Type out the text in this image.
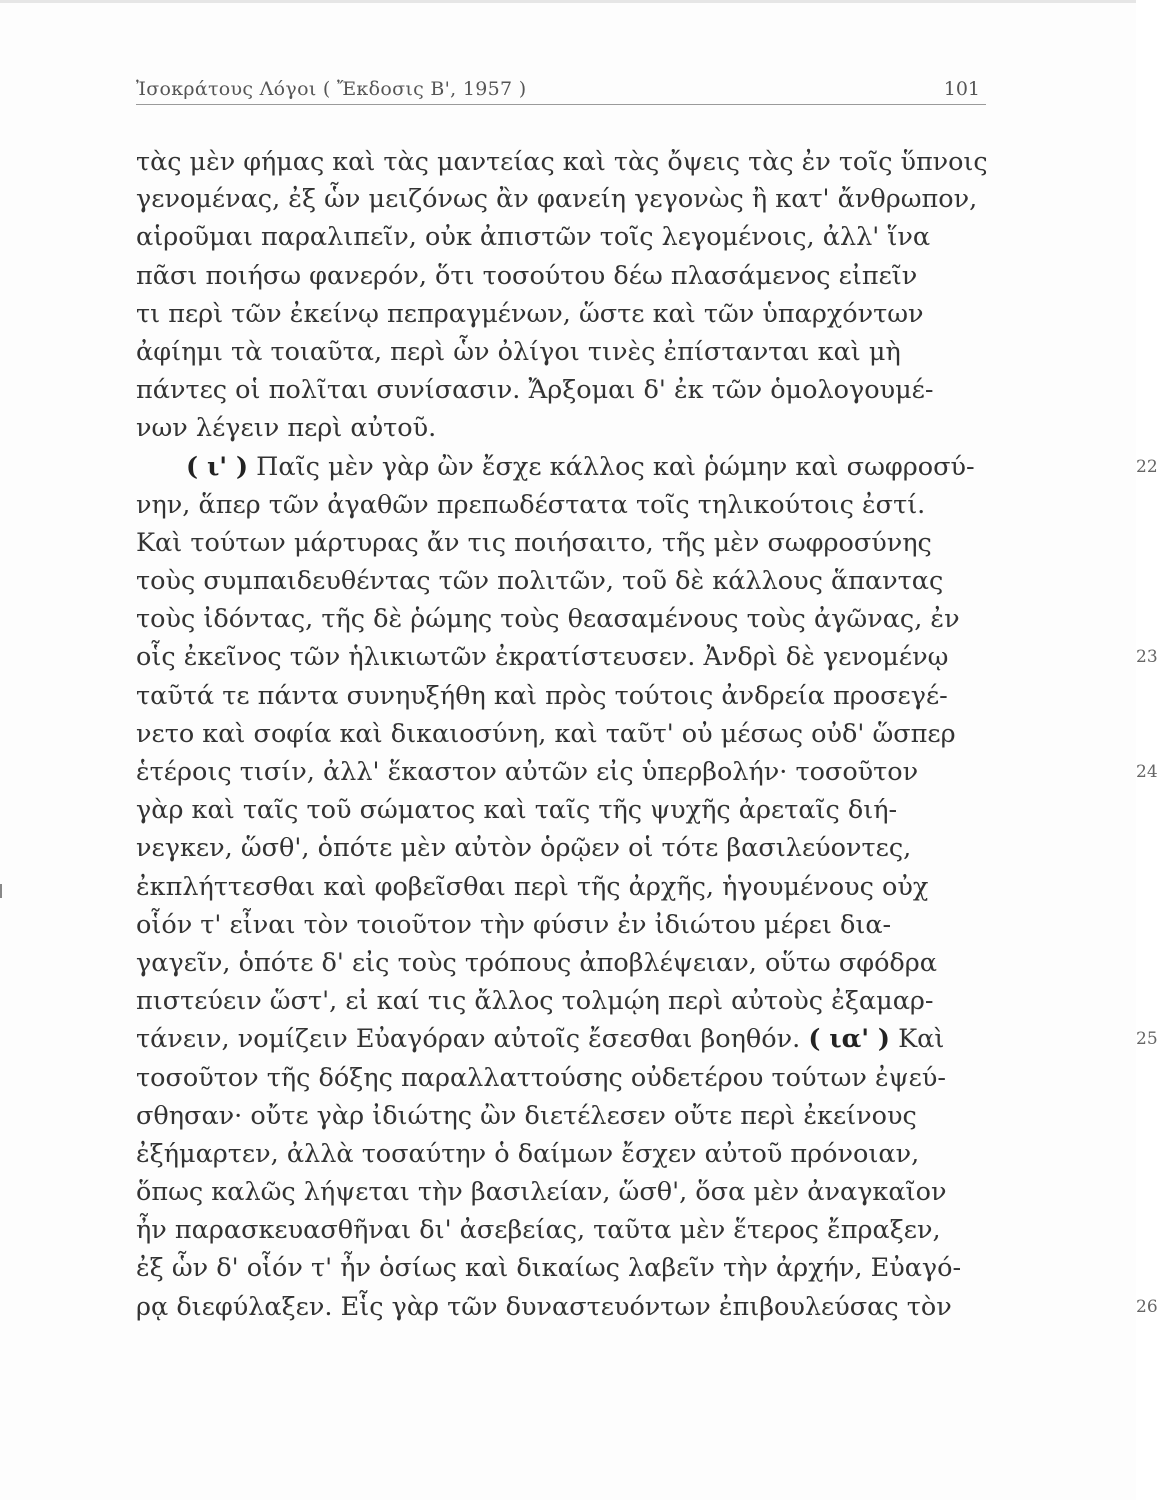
Ἰσοκράτους Λόγοι ( Ἔκδοσις Β', 1957 )	101
τὰς μὲν φήμας καὶ τὰς μαντείας καὶ τὰς ὄψεις τὰς ἐν τοῖς ὕπνοις
γενομένας, ἐξ ὧν μειζόνως ἂν φανείη γεγονὼς ἢ κατ' ἄνθρωπον,
αἱροῦμαι παραλιπεῖν, οὐκ ἀπιστῶν τοῖς λεγομένοις, ἀλλ' ἵνα
πᾶσι ποιήσω φανερόν, ὅτι τοσούτου δέω πλασάμενος εἰπεῖν
τι περὶ τῶν ἐκείνῳ πεπραγμένων, ὥστε καὶ τῶν ὑπαρχόντων
ἀφίημι τὰ τοιαῦτα, περὶ ὧν ὀλίγοι τινὲς ἐπίστανται καὶ μὴ
πάντες οἱ πολῖται συνίσασιν. Ἄρξομαι δ' ἐκ τῶν ὁμολογουμέ-
νων λέγειν περὶ αὐτοῦ.
( ι' ) Παῖς μὲν γὰρ ὢν ἔσχε κάλλος καὶ ῥώμην καὶ σωφροσύ-	22
νην, ἅπερ τῶν ἀγαθῶν πρεπωδέστατα τοῖς τηλικούτοις ἐστί.
Καὶ τούτων μάρτυρας ἄν τις ποιήσαιτο, τῆς μὲν σωφροσύνης
τοὺς συμπαιδευθέντας τῶν πολιτῶν, τοῦ δὲ κάλλους ἅπαντας
τοὺς ἰδόντας, τῆς δὲ ῥώμης τοὺς θεασαμένους τοὺς ἀγῶνας, ἐν
οἷς ἐκεῖνος τῶν ἡλικιωτῶν ἐκρατίστευσεν. Ἀνδρὶ δὲ γενομένῳ	23
ταῦτά τε πάντα συνηυξήθη καὶ πρὸς τούτοις ἀνδρεία προσεγέ-
νετο καὶ σοφία καὶ δικαιοσύνη, καὶ ταῦτ' οὐ μέσως οὐδ' ὥσπερ
ἑτέροις τισίν, ἀλλ' ἕκαστον αὐτῶν εἰς ὑπερβολήν· τοσοῦτον	24
γὰρ καὶ ταῖς τοῦ σώματος καὶ ταῖς τῆς ψυχῆς ἀρεταῖς διή-
νεγκεν, ὥσθ', ὁπότε μὲν αὐτὸν ὁρῷεν οἱ τότε βασιλεύοντες,
ἐκπλήττεσθαι καὶ φοβεῖσθαι περὶ τῆς ἀρχῆς, ἡγουμένους οὐχ
οἷόν τ' εἶναι τὸν τοιοῦτον τὴν φύσιν ἐν ἰδιώτου μέρει δια-
γαγεῖν, ὁπότε δ' εἰς τοὺς τρόπους ἀποβλέψειαν, οὕτω σφόδρα
πιστεύειν ὥστ', εἰ καί τις ἄλλος τολμῴη περὶ αὐτοὺς ἐξαμαρ-
τάνειν, νομίζειν Εὐαγόραν αὐτοῖς ἔσεσθαι βοηθόν. ( ια' ) Καὶ	25
τοσοῦτον τῆς δόξης παραλλαττούσης οὐδετέρου τούτων ἐψεύ-
σθησαν· οὔτε γὰρ ἰδιώτης ὢν διετέλεσεν οὔτε περὶ ἐκείνους
ἐξήμαρτεν, ἀλλὰ τοσαύτην ὁ δαίμων ἔσχεν αὐτοῦ πρόνοιαν,
ὅπως καλῶς λήψεται τὴν βασιλείαν, ὥσθ', ὅσα μὲν ἀναγκαῖον
ἦν παρασκευασθῆναι δι' ἀσεβείας, ταῦτα μὲν ἕτερος ἔπραξεν,
ἐξ ὧν δ' οἷόν τ' ἦν ὁσίως καὶ δικαίως λαβεῖν τὴν ἀρχήν, Εὐαγό-
ρᾳ διεφύλαξεν. Εἷς γὰρ τῶν δυναστευόντων ἐπιβουλεύσας τὸν	26
